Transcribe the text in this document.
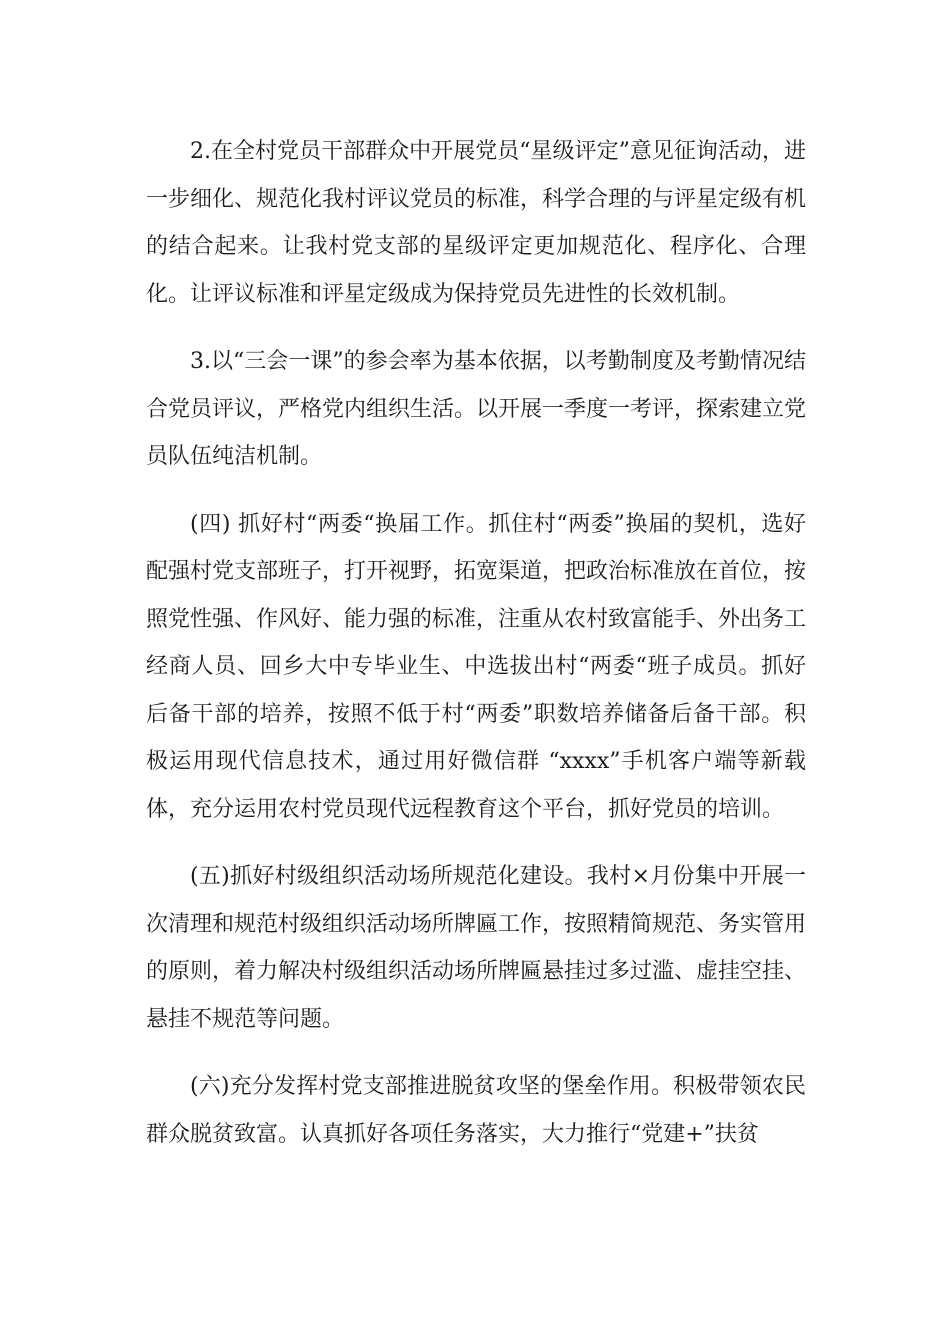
2.在全村党员干部群众中开展党员“星级评定”意见征询活动，进一步细化、规范化我村评议党员的标准，科学合理的与评星定级有机的结合起来。让我村党支部的星级评定更加规范化、程序化、合理化。让评议标准和评星定级成为保持党员先进性的长效机制。

3.以“三会一课”的参会率为基本依据，以考勤制度及考勤情况结合党员评议，严格党内组织生活。以开展一季度一考评，探索建立党员队伍纯洁机制。

(四) 抓好村“两委“换届工作。抓住村“两委”换届的契机，选好配强村党支部班子，打开视野，拓宽渠道，把政治标准放在首位，按照党性强、作风好、能力强的标准，注重从农村致富能手、外出务工经商人员、回乡大中专毕业生、中选拔出村“两委“班子成员。抓好后备干部的培养，按照不低于村“两委”职数培养储备后备干部。积极运用现代信息技术，通过用好微信群 “xxxx”手机客户端等新载体，充分运用农村党员现代远程教育这个平台，抓好党员的培训。

(五)抓好村级组织活动场所规范化建设。我村×月份集中开展一次清理和规范村级组织活动场所牌匾工作，按照精简规范、务实管用的原则，着力解决村级组织活动场所牌匾悬挂过多过滥、虚挂空挂、悬挂不规范等问题。

(六)充分发挥村党支部推进脱贫攻坚的堡垒作用。积极带领农民群众脱贫致富。认真抓好各项任务落实，大力推行“党建+”扶贫
